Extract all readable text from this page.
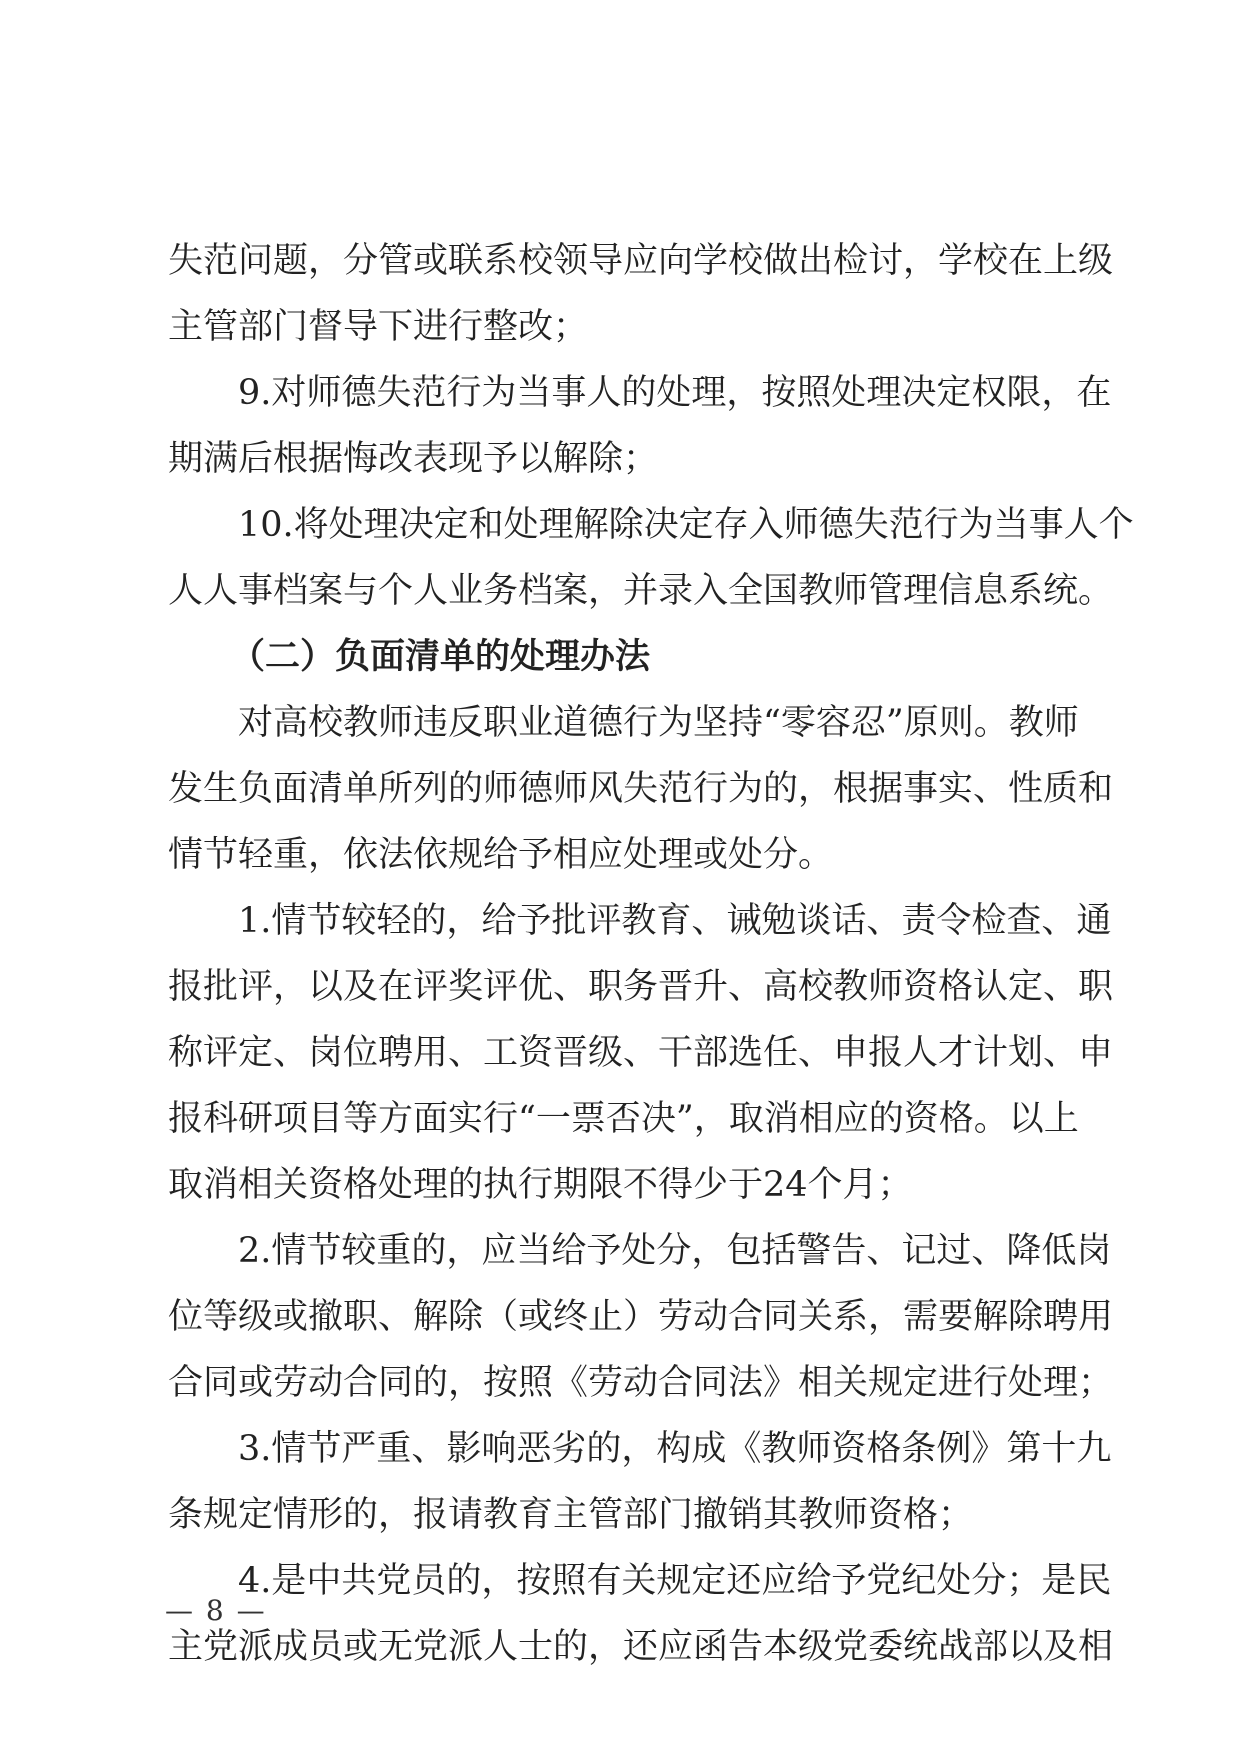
失范问题，分管或联系校领导应向学校做出检讨，学校在上级
主管部门督导下进行整改；
9.对师德失范行为当事人的处理，按照处理决定权限，在
期满后根据悔改表现予以解除；
10.将处理决定和处理解除决定存入师德失范行为当事人个
人人事档案与个人业务档案，并录入全国教师管理信息系统。
（二）负面清单的处理办法
对高校教师违反职业道德行为坚持“零容忍”原则。教师
发生负面清单所列的师德师风失范行为的，根据事实、性质和
情节轻重，依法依规给予相应处理或处分。
1.情节较轻的，给予批评教育、诫勉谈话、责令检查、通
报批评，以及在评奖评优、职务晋升、高校教师资格认定、职
称评定、岗位聘用、工资晋级、干部选任、申报人才计划、申
报科研项目等方面实行“一票否决”，取消相应的资格。以上
取消相关资格处理的执行期限不得少于24个月；
2.情节较重的，应当给予处分，包括警告、记过、降低岗
位等级或撤职、解除（或终止）劳动合同关系，需要解除聘用
合同或劳动合同的，按照《劳动合同法》相关规定进行处理；
3.情节严重、影响恶劣的，构成《教师资格条例》第十九
条规定情形的，报请教育主管部门撤销其教师资格；
4.是中共党员的，按照有关规定还应给予党纪处分；是民
主党派成员或无党派人士的，还应函告本级党委统战部以及相
— 8 —
